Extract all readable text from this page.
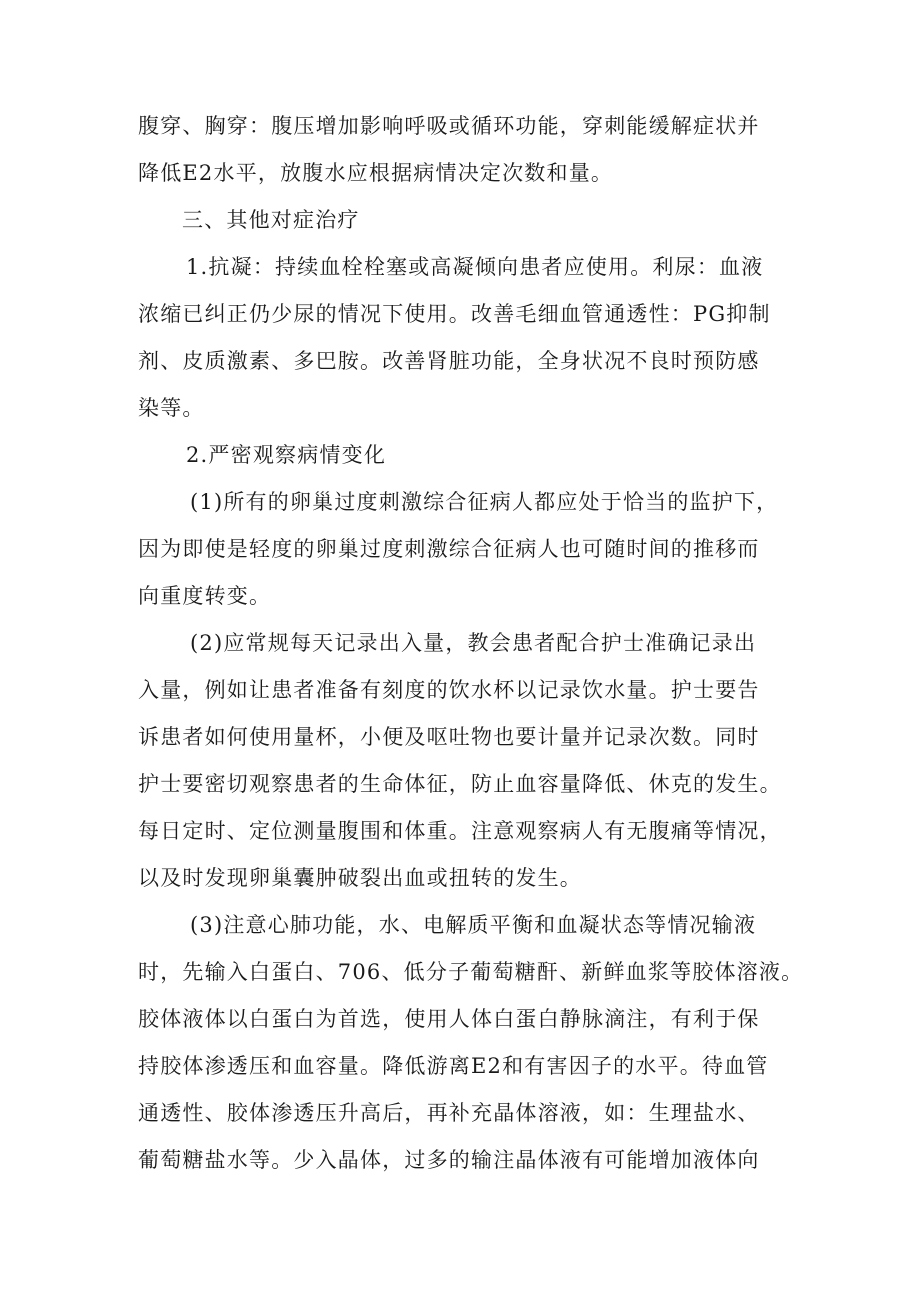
腹穿、胸穿：腹压增加影响呼吸或循环功能，穿刺能缓解症状并
降低E2水平，放腹水应根据病情决定次数和量。
三、其他对症治疗
1.抗凝：持续血栓栓塞或高凝倾向患者应使用。利尿：血液
浓缩已纠正仍少尿的情况下使用。改善毛细血管通透性：PG抑制
剂、皮质激素、多巴胺。改善肾脏功能，全身状况不良时预防感
染等。
2.严密观察病情变化
(1)所有的卵巢过度刺激综合征病人都应处于恰当的监护下，
因为即使是轻度的卵巢过度刺激综合征病人也可随时间的推移而
向重度转变。
(2)应常规每天记录出入量，教会患者配合护士准确记录出
入量，例如让患者准备有刻度的饮水杯以记录饮水量。护士要告
诉患者如何使用量杯，小便及呕吐物也要计量并记录次数。同时
护士要密切观察患者的生命体征，防止血容量降低、休克的发生。
每日定时、定位测量腹围和体重。注意观察病人有无腹痛等情况，
以及时发现卵巢囊肿破裂出血或扭转的发生。
(3)注意心肺功能，水、电解质平衡和血凝状态等情况输液
时，先输入白蛋白、706、低分子葡萄糖酐、新鲜血浆等胶体溶液。
胶体液体以白蛋白为首选，使用人体白蛋白静脉滴注，有利于保
持胶体渗透压和血容量。降低游离E2和有害因子的水平。待血管
通透性、胶体渗透压升高后，再补充晶体溶液，如：生理盐水、
葡萄糖盐水等。少入晶体，过多的输注晶体液有可能增加液体向
